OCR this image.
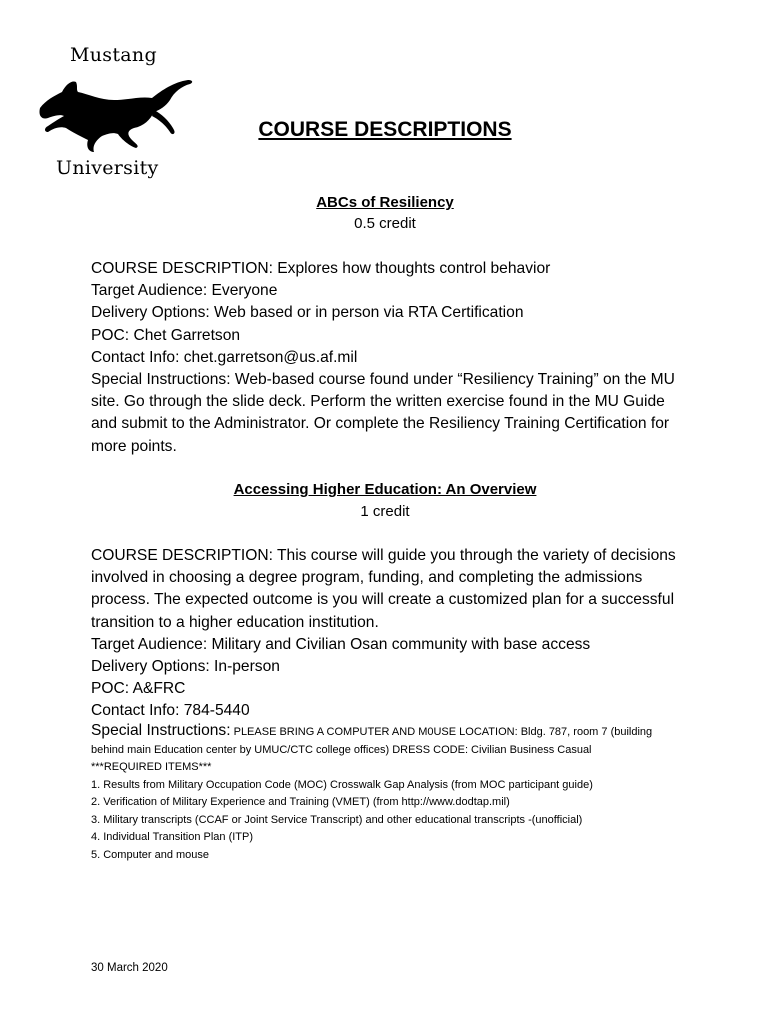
Mustang
University
COURSE DESCRIPTIONS
ABCs of Resiliency
0.5 credit
COURSE DESCRIPTION: Explores how thoughts control behavior
Target Audience: Everyone
Delivery Options: Web based or in person via RTA Certification
POC: Chet Garretson
Contact Info: chet.garretson@us.af.mil
Special Instructions: Web-based course found under “Resiliency Training” on the MU site. Go through the slide deck. Perform the written exercise found in the MU Guide and submit to the Administrator. Or complete the Resiliency Training Certification for more points.
Accessing Higher Education: An Overview
1 credit
COURSE DESCRIPTION: This course will guide you through the variety of decisions involved in choosing a degree program, funding, and completing the admissions process. The expected outcome is you will create a customized plan for a successful transition to a higher education institution.
Target Audience: Military and Civilian Osan community with base access
Delivery Options: In-person
POC: A&FRC
Contact Info: 784-5440
Special Instructions: PLEASE BRING A COMPUTER AND M0USE LOCATION: Bldg. 787, room 7 (building behind main Education center by UMUC/CTC college offices) DRESS CODE: Civilian Business Casual
***REQUIRED ITEMS***
1. Results from Military Occupation Code (MOC) Crosswalk Gap Analysis (from MOC participant guide)
2. Verification of Military Experience and Training (VMET) (from http://www.dodtap.mil)
3. Military transcripts (CCAF or Joint Service Transcript) and other educational transcripts -(unofficial)
4. Individual Transition Plan (ITP)
5. Computer and mouse
30 March 2020
